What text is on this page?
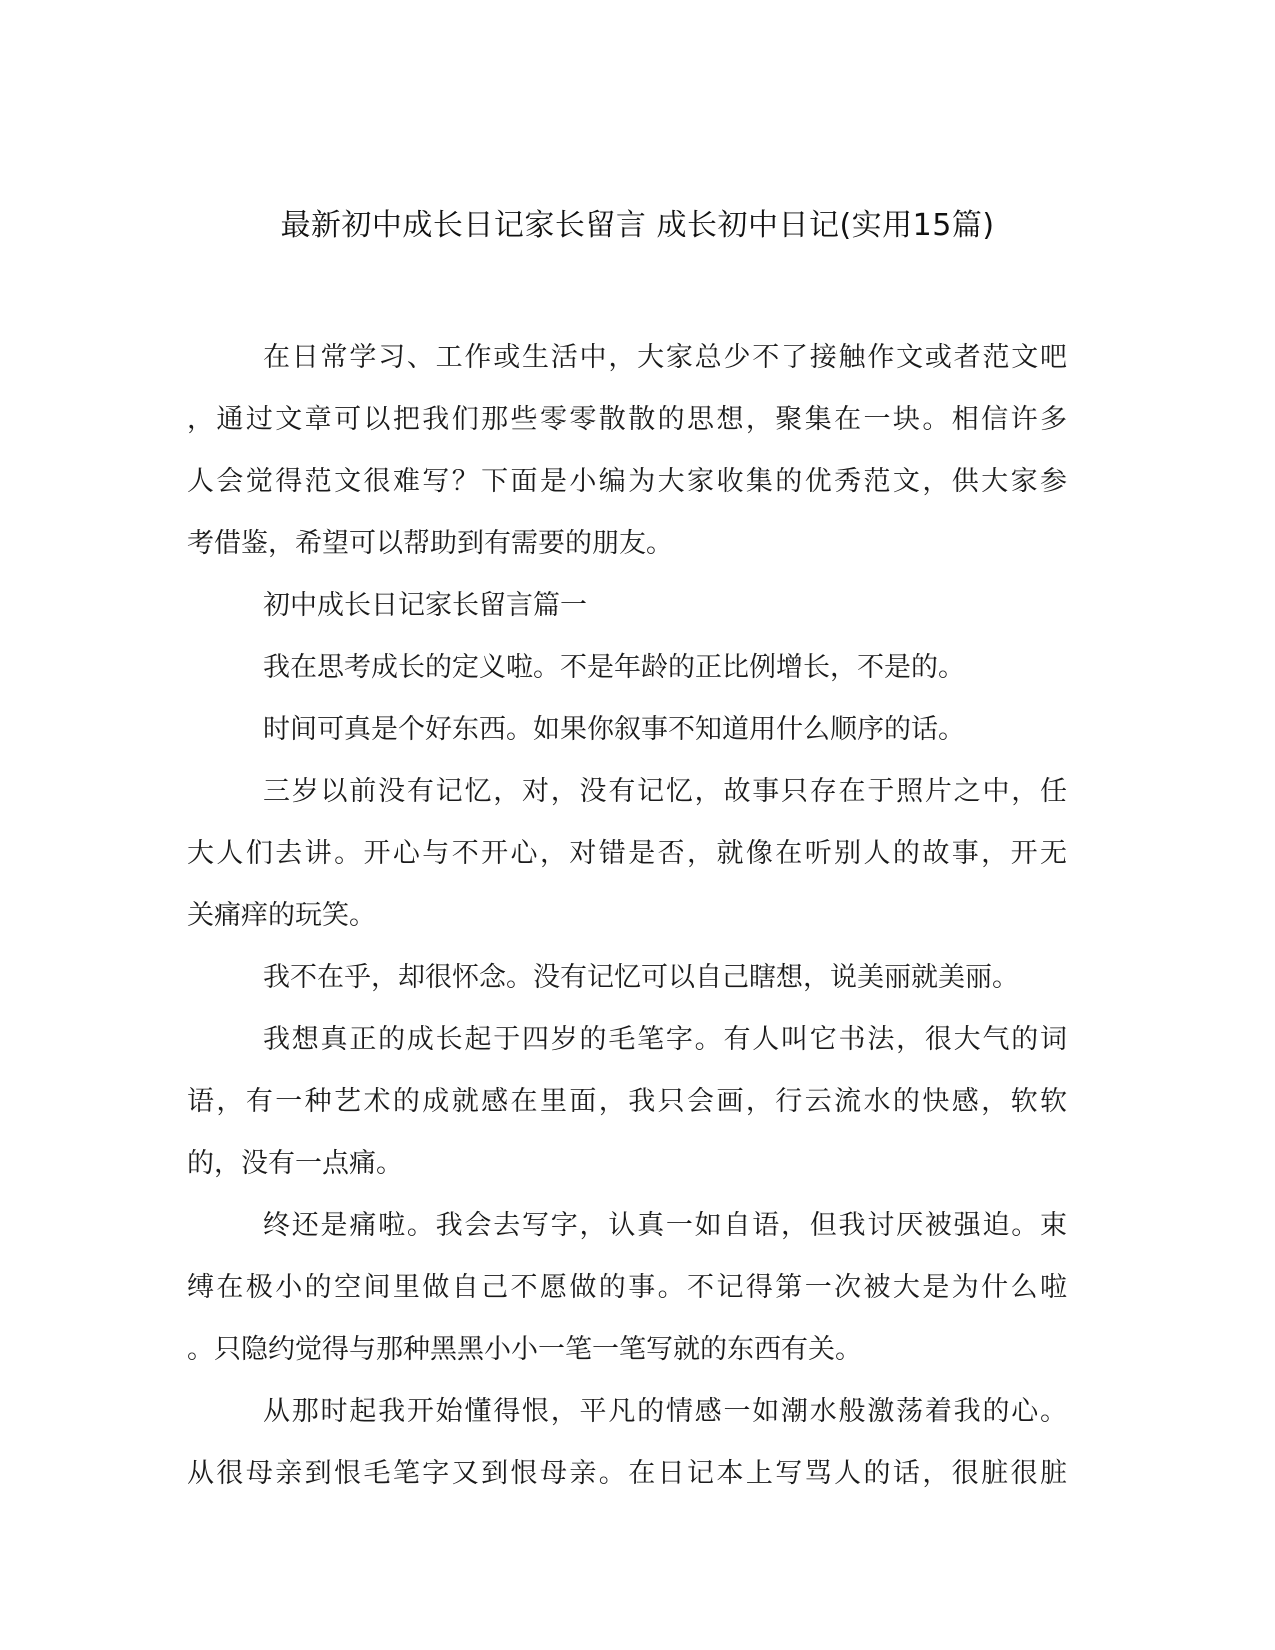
最新初中成长日记家长留言 成长初中日记(实用15篇)
在日常学习、工作或生活中，大家总少不了接触作文或者范文吧
，通过文章可以把我们那些零零散散的思想，聚集在一块。相信许多
人会觉得范文很难写？下面是小编为大家收集的优秀范文，供大家参
考借鉴，希望可以帮助到有需要的朋友。
初中成长日记家长留言篇一
我在思考成长的定义啦。不是年龄的正比例增长，不是的。
时间可真是个好东西。如果你叙事不知道用什么顺序的话。
三岁以前没有记忆，对，没有记忆，故事只存在于照片之中，任
大人们去讲。开心与不开心，对错是否，就像在听别人的故事，开无
关痛痒的玩笑。
我不在乎，却很怀念。没有记忆可以自己瞎想，说美丽就美丽。
我想真正的成长起于四岁的毛笔字。有人叫它书法，很大气的词
语，有一种艺术的成就感在里面，我只会画，行云流水的快感，软软
的，没有一点痛。
终还是痛啦。我会去写字，认真一如自语，但我讨厌被强迫。束
缚在极小的空间里做自己不愿做的事。不记得第一次被大是为什么啦
。只隐约觉得与那种黑黑小小一笔一笔写就的东西有关。
从那时起我开始懂得恨，平凡的情感一如潮水般激荡着我的心。
从很母亲到恨毛笔字又到恨母亲。在日记本上写骂人的话，很脏很脏
